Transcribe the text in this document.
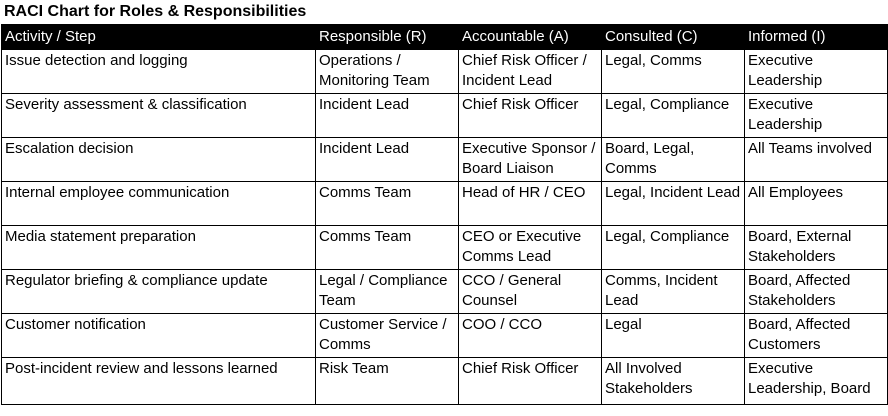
RACI Chart for Roles & Responsibilities
Activity / Step	Responsible (R)	Accountable (A)	Consulted (C)	Informed (I)
Issue detection and logging	Operations / Monitoring Team	Chief Risk Officer / Incident Lead	Legal, Comms	Executive Leadership
Severity assessment & classification	Incident Lead	Chief Risk Officer	Legal, Compliance	Executive Leadership
Escalation decision	Incident Lead	Executive Sponsor / Board Liaison	Board, Legal, Comms	All Teams involved
Internal employee communication	Comms Team	Head of HR / CEO	Legal, Incident Lead	All Employees
Media statement preparation	Comms Team	CEO or Executive Comms Lead	Legal, Compliance	Board, External Stakeholders
Regulator briefing & compliance update	Legal / Compliance Team	CCO / General Counsel	Comms, Incident Lead	Board, Affected Stakeholders
Customer notification	Customer Service / Comms	COO / CCO	Legal	Board, Affected Customers
Post-incident review and lessons learned	Risk Team	Chief Risk Officer	All Involved Stakeholders	Executive Leadership, Board
